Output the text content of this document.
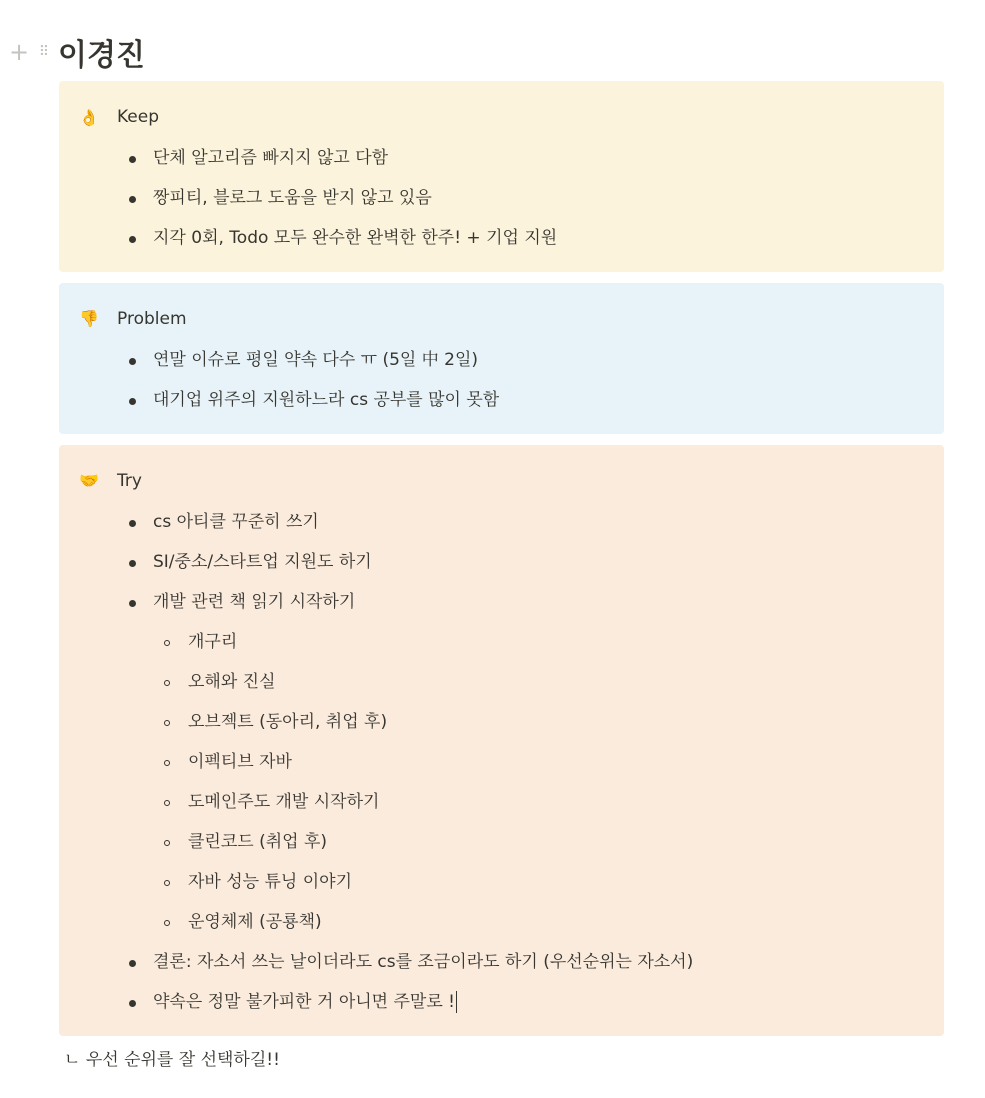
+ ⠿ 이경진
👌 Keep
단체 알고리즘 빠지지 않고 다함
짱피티, 블로그 도움을 받지 않고 있음
지각 0회, Todo 모두 완수한 완벽한 한주! + 기업 지원
👎 Problem
연말 이슈로 평일 약속 다수 ㅠ (5일 中 2일)
대기업 위주의 지원하느라 cs 공부를 많이 못함
🤝 Try
cs 아티클 꾸준히 쓰기
SI/중소/스타트업 지원도 하기
개발 관련 책 읽기 시작하기
개구리
오해와 진실
오브젝트 (동아리, 취업 후)
이펙티브 자바
도메인주도 개발 시작하기
클린코드 (취업 후)
자바 성능 튜닝 이야기
운영체제 (공룡책)
결론: 자소서 쓰는 날이더라도 cs를 조금이라도 하기 (우선순위는 자소서)
약속은 정말 불가피한 거 아니면 주말로 !
ㄴ 우선 순위를 잘 선택하길!!
